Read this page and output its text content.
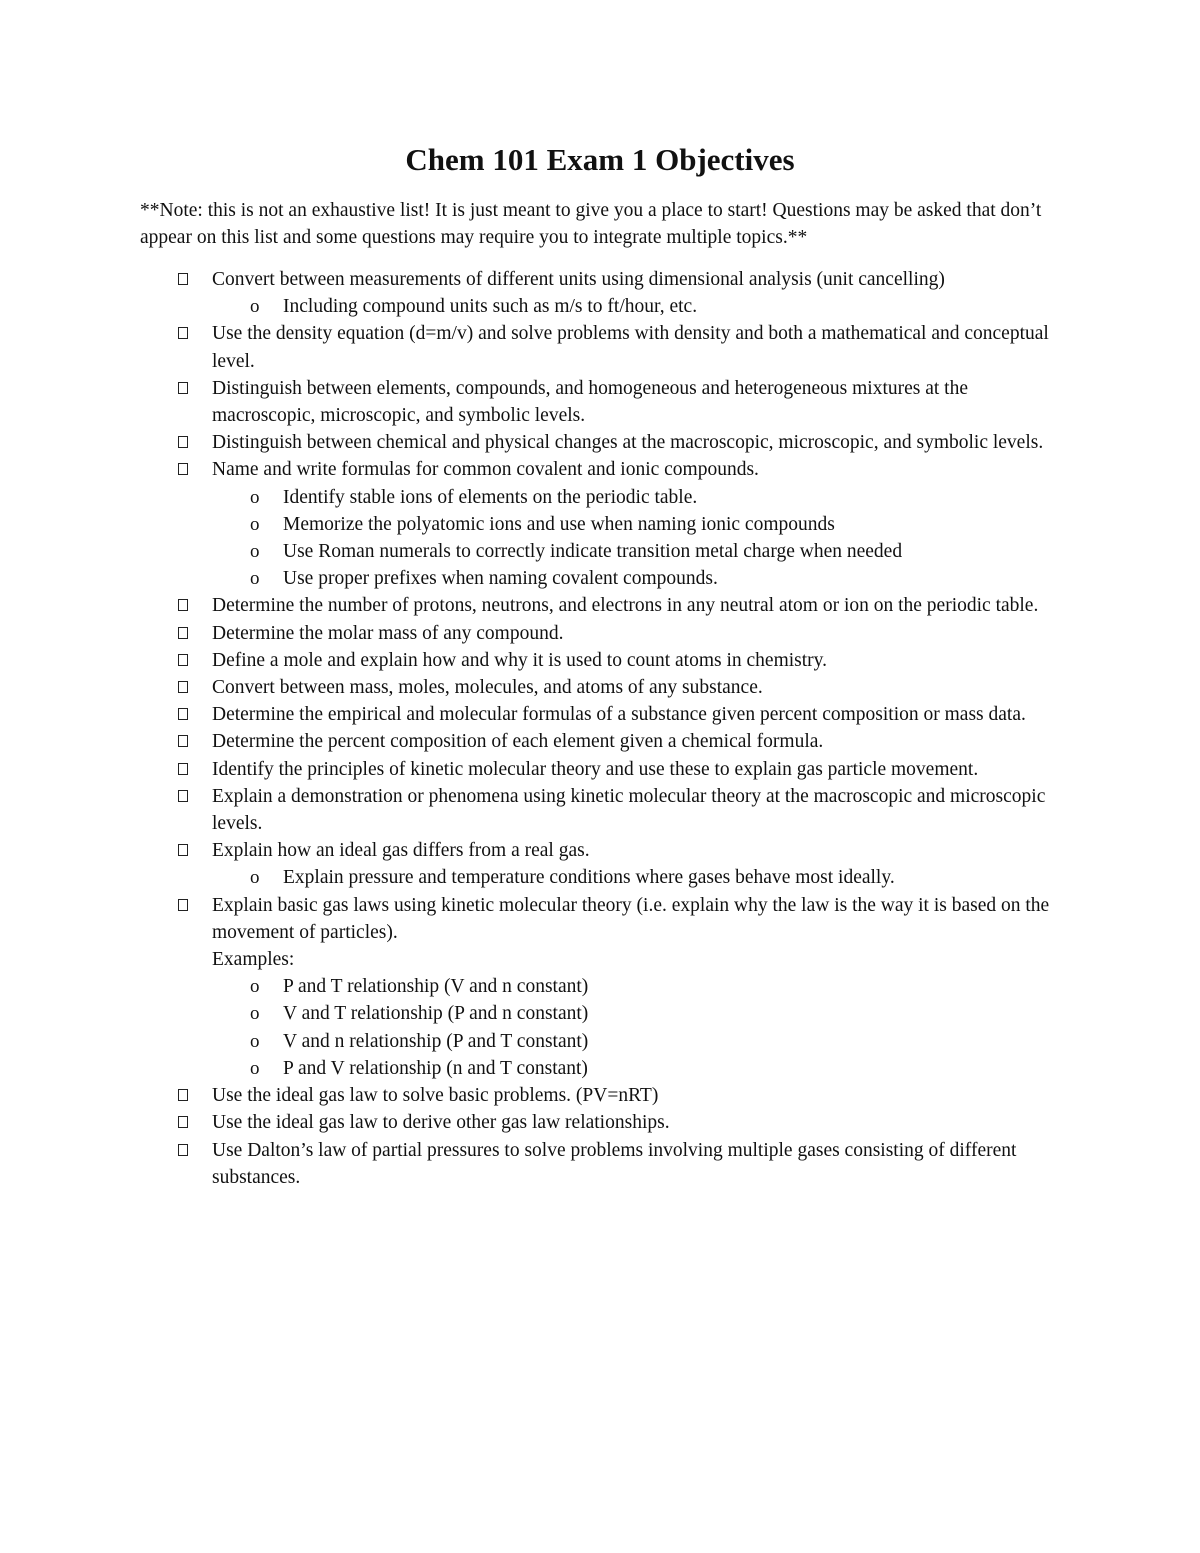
Chem 101 Exam 1 Objectives
**Note: this is not an exhaustive list! It is just meant to give you a place to start! Questions may be asked that don’t appear on this list and some questions may require you to integrate multiple topics.**
Convert between measurements of different units using dimensional analysis (unit cancelling)
o Including compound units such as m/s to ft/hour, etc.
Use the density equation (d=m/v) and solve problems with density and both a mathematical and conceptual level.
Distinguish between elements, compounds, and homogeneous and heterogeneous mixtures at the macroscopic, microscopic, and symbolic levels.
Distinguish between chemical and physical changes at the macroscopic, microscopic, and symbolic levels.
Name and write formulas for common covalent and ionic compounds.
o Identify stable ions of elements on the periodic table.
o Memorize the polyatomic ions and use when naming ionic compounds
o Use Roman numerals to correctly indicate transition metal charge when needed
o Use proper prefixes when naming covalent compounds.
Determine the number of protons, neutrons, and electrons in any neutral atom or ion on the periodic table.
Determine the molar mass of any compound.
Define a mole and explain how and why it is used to count atoms in chemistry.
Convert between mass, moles, molecules, and atoms of any substance.
Determine the empirical and molecular formulas of a substance given percent composition or mass data.
Determine the percent composition of each element given a chemical formula.
Identify the principles of kinetic molecular theory and use these to explain gas particle movement.
Explain a demonstration or phenomena using kinetic molecular theory at the macroscopic and microscopic levels.
Explain how an ideal gas differs from a real gas.
o Explain pressure and temperature conditions where gases behave most ideally.
Explain basic gas laws using kinetic molecular theory (i.e. explain why the law is the way it is based on the movement of particles).
Examples:
o P and T relationship (V and n constant)
o V and T relationship (P and n constant)
o V and n relationship (P and T constant)
o P and V relationship (n and T constant)
Use the ideal gas law to solve basic problems. (PV=nRT)
Use the ideal gas law to derive other gas law relationships.
Use Dalton’s law of partial pressures to solve problems involving multiple gases consisting of different substances.
